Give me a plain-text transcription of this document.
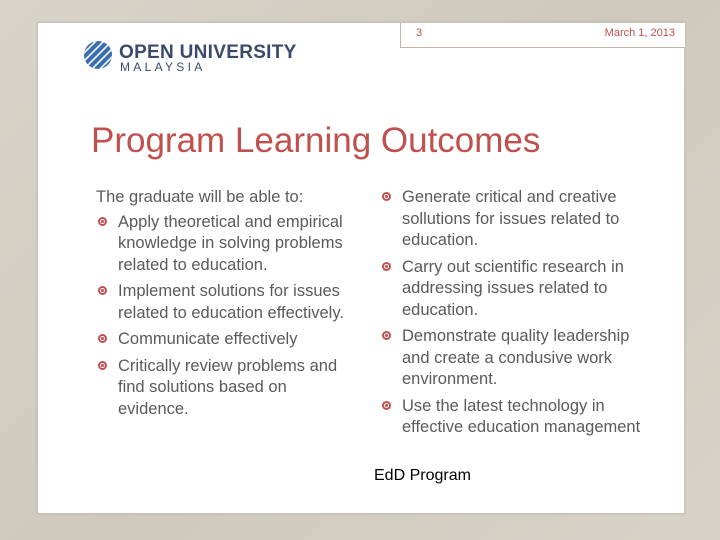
3	March 1, 2013
OPEN UNIVERSITY
MALAYSIA
Program Learning Outcomes

The graduate will be able to:

Apply theoretical and empirical knowledge in solving problems related to education.
Implement solutions for issues related to education effectively.
Communicate effectively
Critically review problems and find solutions based on evidence.
Generate critical and creative sollutions for issues related to education.
Carry out scientific research in addressing issues related to education.
Demonstrate quality leadership and create a condusive work environment.
Use the latest technology in effective education management
EdD Program
